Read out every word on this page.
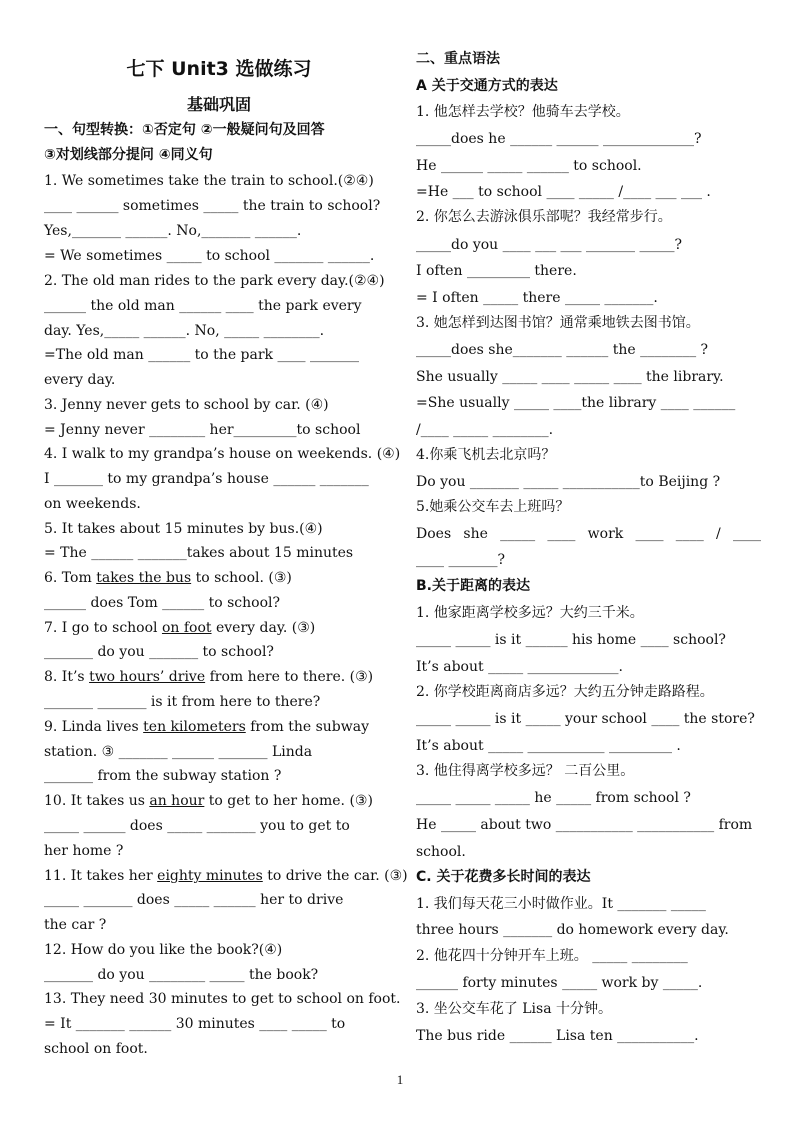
七下 Unit3 选做练习
基础巩固
一、句型转换：①否定句 ②一般疑问句及回答
③对划线部分提问 ④同义句
1. We sometimes take the train to school.(②④)
____ ______ sometimes _____ the train to school?
Yes,_______ ______. No,_______ ______.
= We sometimes _____ to school _______ ______.
2. The old man rides to the park every day.(②④)
______ the old man ______ ____ the park every
day. Yes,_____ ______. No, _____ ________.
=The old man ______ to the park ____ _______
every day.
3. Jenny never gets to school by car. (④)
= Jenny never ________ her_________to school
4. I walk to my grandpa’s house on weekends. (④)
I _______ to my grandpa’s house ______ _______
on weekends.
5. It takes about 15 minutes by bus.(④)
= The ______ _______takes about 15 minutes
6. Tom takes the bus to school. (③)
______ does Tom ______ to school?
7. I go to school on foot every day. (③)
_______ do you _______ to school?
8. It’s two hours’ drive from here to there. (③)
_______ _______ is it from here to there?
9. Linda lives ten kilometers from the subway
station. ③ _______ ______ _______ Linda
_______ from the subway station ?
10. It takes us an hour to get to her home. (③)
_____ ______ does _____ _______ you to get to
her home ?
11. It takes her eighty minutes to drive the car. (③)
_____ _______ does _____ ______ her to drive
the car ?
12. How do you like the book?(④)
_______ do you ________ _____ the book?
13. They need 30 minutes to get to school on foot.
= It _______ ______ 30 minutes ____ _____ to
school on foot.
二、重点语法
A 关于交通方式的表达
1. 他怎样去学校？他骑车去学校。
_____does he ______ ______ _____________?
He ______ _____ ______ to school.
=He ___ to school ____ _____ /____ ___ ___ .
2. 你怎么去游泳俱乐部呢？我经常步行。
_____do you ____ ___ ___ _______ _____?
I often _________ there.
= I often _____ there _____ _______.
3. 她怎样到达图书馆？通常乘地铁去图书馆。
_____does she_______ ______ the ________ ?
She usually _____ ____ _____ ____ the library.
=She usually _____ ____the library ____ ______
/____ _____ ________.
4.你乘飞机去北京吗？
Do you _______ _____ ___________to Beijing ?
5.她乘公交车去上班吗？
Does she _____ ____ work ____ ____ / ____
____ _______?
B.关于距离的表达
1. 他家距离学校多远？大约三千米。
_____ _____ is it ______ his home ____ school?
It’s about _____ _____________.
2. 你学校距离商店多远？大约五分钟走路路程。
_____ _____ is it _____ your school ____ the store?
It’s about _____ ___________ _________ .
3. 他住得离学校多远？ 二百公里。
_____ _____ _____ he _____ from school ?
He _____ about two ___________ ___________ from
school.
C. 关于花费多长时间的表达
1. 我们每天花三小时做作业。It _______ _____
three hours _______ do homework every day.
2. 他花四十分钟开车上班。 _____ ________
______ forty minutes _____ work by _____.
3. 坐公交车花了 Lisa 十分钟。
The bus ride ______ Lisa ten ___________.
1
